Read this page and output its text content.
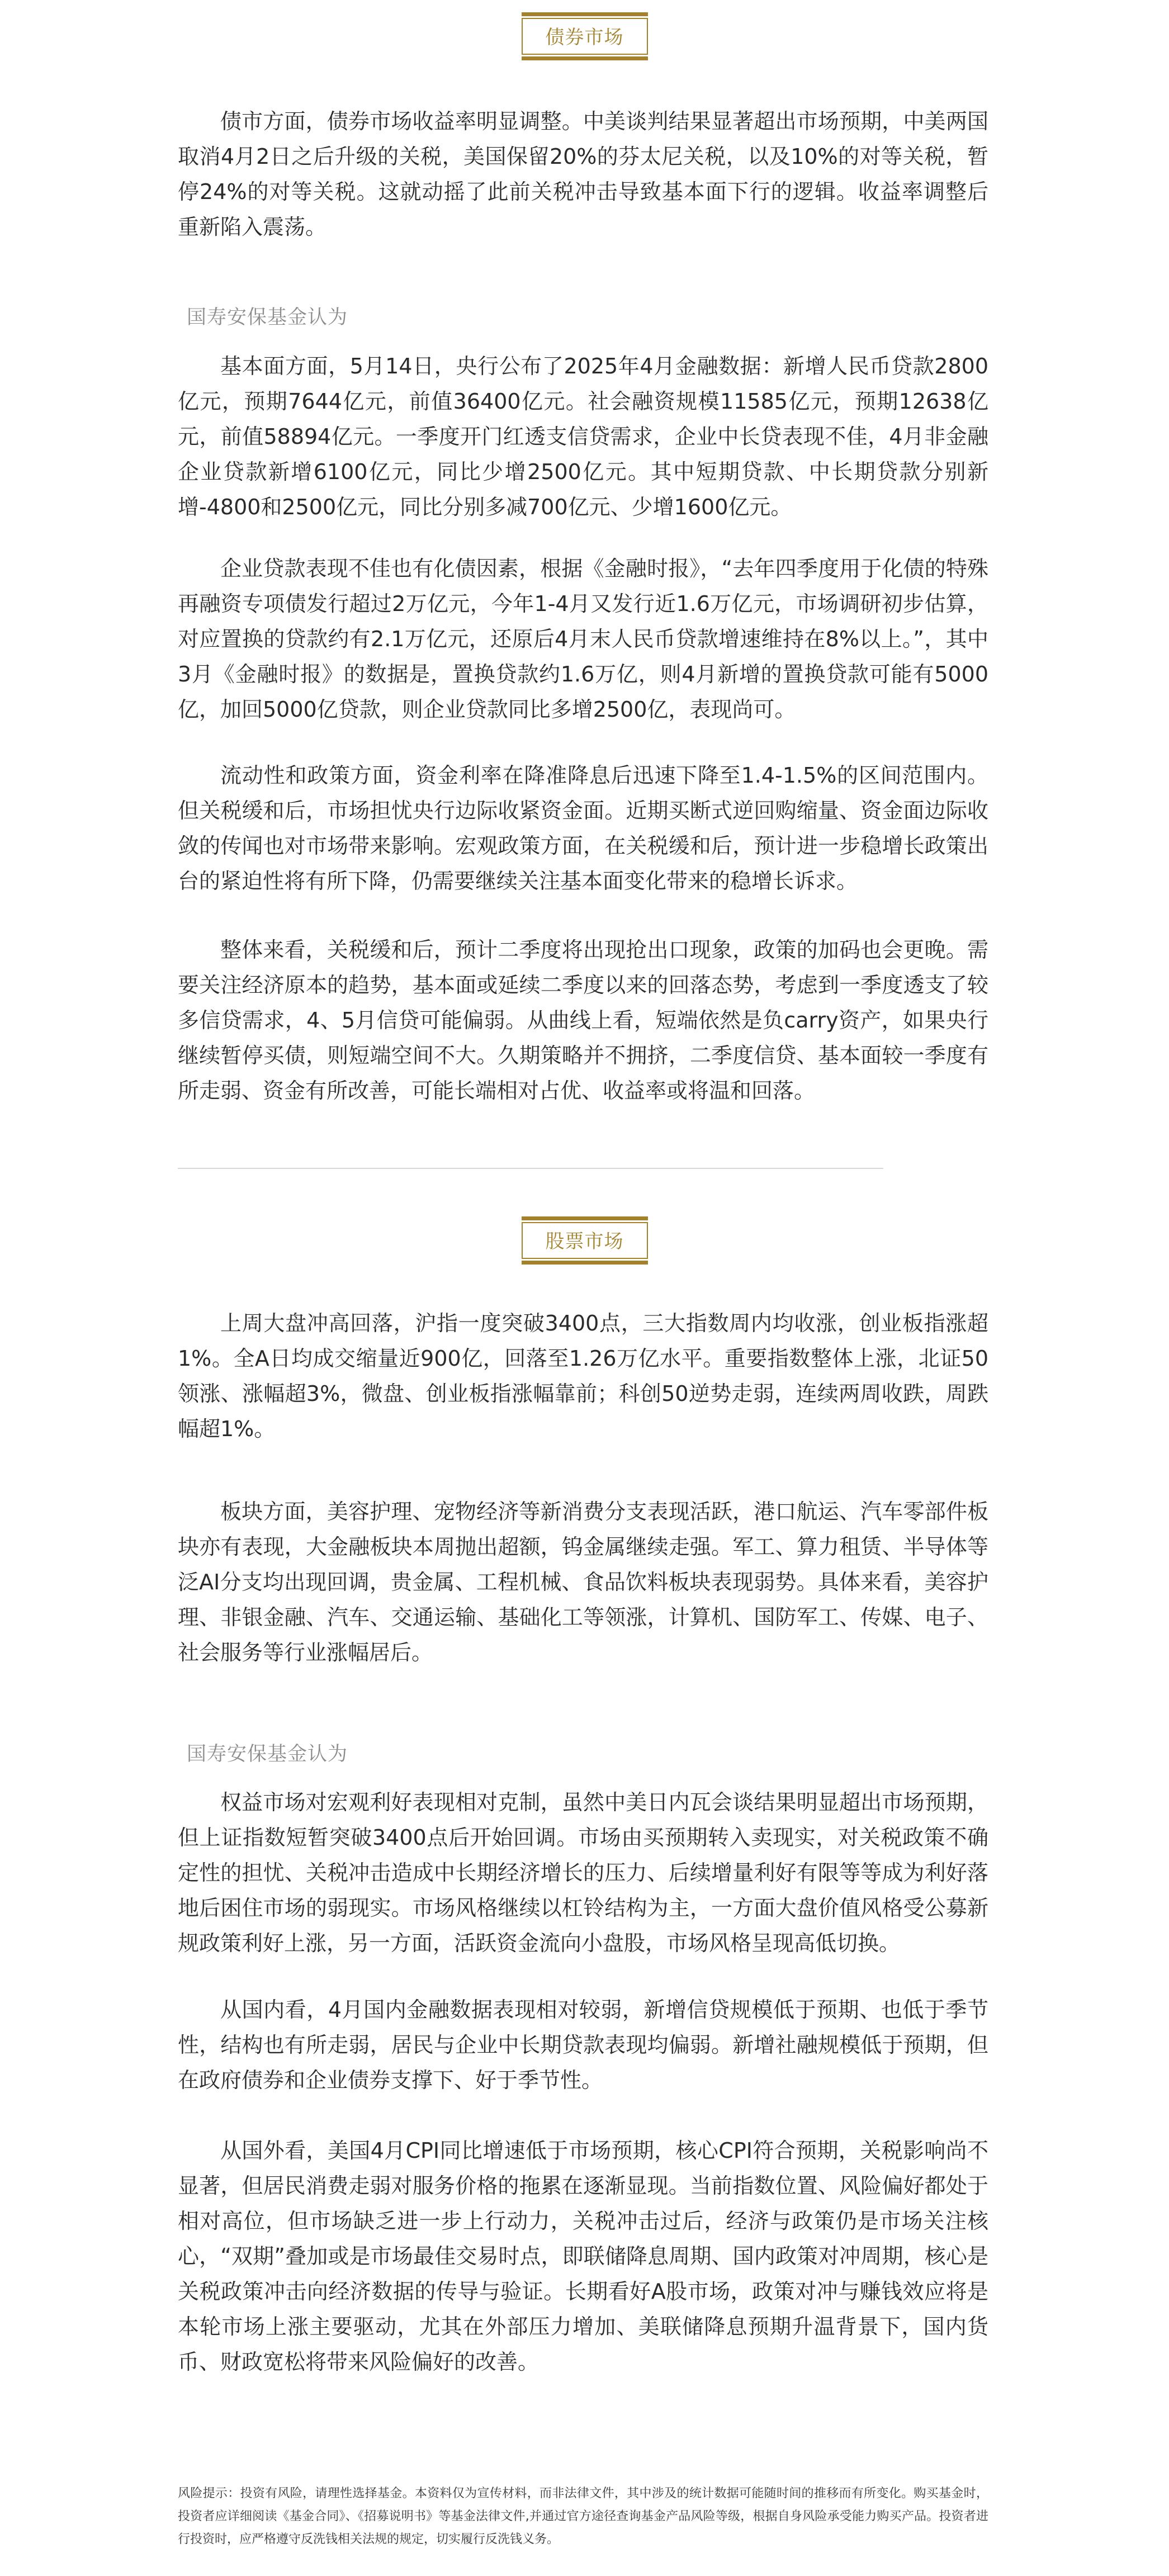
债券市场

债市方面，债券市场收益率明显调整。中美谈判结果显著超出市场预期，中美两国取消4月2日之后升级的关税，美国保留20%的芬太尼关税，以及10%的对等关税，暂停24%的对等关税。这就动摇了此前关税冲击导致基本面下行的逻辑。收益率调整后重新陷入震荡。

国寿安保基金认为

基本面方面，5月14日，央行公布了2025年4月金融数据：新增人民币贷款2800亿元，预期7644亿元，前值36400亿元。社会融资规模11585亿元，预期12638亿元，前值58894亿元。一季度开门红透支信贷需求，企业中长贷表现不佳，4月非金融企业贷款新增6100亿元，同比少增2500亿元。其中短期贷款、中长期贷款分别新增-4800和2500亿元，同比分别多减700亿元、少增1600亿元。

企业贷款表现不佳也有化债因素，根据《金融时报》，“去年四季度用于化债的特殊再融资专项债发行超过2万亿元，今年1-4月又发行近1.6万亿元，市场调研初步估算，对应置换的贷款约有2.1万亿元，还原后4月末人民币贷款增速维持在8%以上。”，其中3月《金融时报》的数据是，置换贷款约1.6万亿，则4月新增的置换贷款可能有5000亿，加回5000亿贷款，则企业贷款同比多增2500亿，表现尚可。

流动性和政策方面，资金利率在降准降息后迅速下降至1.4-1.5%的区间范围内。但关税缓和后，市场担忧央行边际收紧资金面。近期买断式逆回购缩量、资金面边际收敛的传闻也对市场带来影响。宏观政策方面，在关税缓和后，预计进一步稳增长政策出台的紧迫性将有所下降，仍需要继续关注基本面变化带来的稳增长诉求。

整体来看，关税缓和后，预计二季度将出现抢出口现象，政策的加码也会更晚。需要关注经济原本的趋势，基本面或延续二季度以来的回落态势，考虑到一季度透支了较多信贷需求，4、5月信贷可能偏弱。从曲线上看，短端依然是负carry资产，如果央行继续暂停买债，则短端空间不大。久期策略并不拥挤，二季度信贷、基本面较一季度有所走弱、资金有所改善，可能长端相对占优、收益率或将温和回落。

股票市场

上周大盘冲高回落，沪指一度突破3400点，三大指数周内均收涨，创业板指涨超1%。全A日均成交缩量近900亿，回落至1.26万亿水平。重要指数整体上涨，北证50领涨、涨幅超3%，微盘、创业板指涨幅靠前；科创50逆势走弱，连续两周收跌，周跌幅超1%。

板块方面，美容护理、宠物经济等新消费分支表现活跃，港口航运、汽车零部件板块亦有表现，大金融板块本周抛出超额，钨金属继续走强。军工、算力租赁、半导体等泛AI分支均出现回调，贵金属、工程机械、食品饮料板块表现弱势。具体来看，美容护理、非银金融、汽车、交通运输、基础化工等领涨，计算机、国防军工、传媒、电子、社会服务等行业涨幅居后。

国寿安保基金认为

权益市场对宏观利好表现相对克制，虽然中美日内瓦会谈结果明显超出市场预期，但上证指数短暂突破3400点后开始回调。市场由买预期转入卖现实，对关税政策不确定性的担忧、关税冲击造成中长期经济增长的压力、后续增量利好有限等等成为利好落地后困住市场的弱现实。市场风格继续以杠铃结构为主，一方面大盘价值风格受公募新规政策利好上涨，另一方面，活跃资金流向小盘股，市场风格呈现高低切换。

从国内看，4月国内金融数据表现相对较弱，新增信贷规模低于预期、也低于季节性，结构也有所走弱，居民与企业中长期贷款表现均偏弱。新增社融规模低于预期，但在政府债券和企业债券支撑下、好于季节性。

从国外看，美国4月CPI同比增速低于市场预期，核心CPI符合预期，关税影响尚不显著，但居民消费走弱对服务价格的拖累在逐渐显现。当前指数位置、风险偏好都处于相对高位，但市场缺乏进一步上行动力，关税冲击过后，经济与政策仍是市场关注核心，“双期”叠加或是市场最佳交易时点，即联储降息周期、国内政策对冲周期，核心是关税政策冲击向经济数据的传导与验证。长期看好A股市场，政策对冲与赚钱效应将是本轮市场上涨主要驱动，尤其在外部压力增加、美联储降息预期升温背景下，国内货币、财政宽松将带来风险偏好的改善。

风险提示：投资有风险，请理性选择基金。本资料仅为宣传材料，而非法律文件，其中涉及的统计数据可能随时间的推移而有所变化。购买基金时，投资者应详细阅读《基金合同》、《招募说明书》等基金法律文件,并通过官方途径查询基金产品风险等级，根据自身风险承受能力购买产品。投资者进行投资时，应严格遵守反洗钱相关法规的规定，切实履行反洗钱义务。
